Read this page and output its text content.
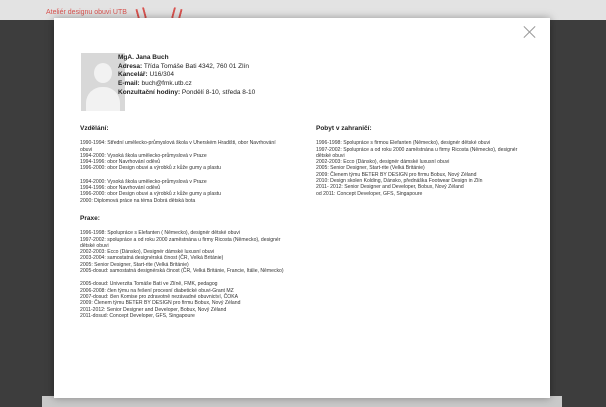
Ateliér designu obuvi UTB
MgA. Jana Buch
Adresa: Třída Tomáše Bati 4342, 760 01 Zlín
Kancelář: U16/304
E-mail: buch@fmk.utb.cz
Konzultační hodiny: Pondělí 8-10, středa 8-10
Vzdělání:

1990-1994: Střední umělecko-průmyslová škola v Uherském Hradišti, obor Navrhování obuvi

1994-2000: Vysoká škola umělecko-průmyslová v Praze

1994-1996: obor Navrhování oděvů

1996-2000: obor Design obuvi a výrobků z kůže gumy a plastu

1994-2000: Vysoká škola umělecko-průmyslová v Praze

1994-1996: obor Navrhování oděvů

1996-2000: obor Design obuvi a výrobků z kůže gumy a plastu

2000: Diplomová práce na téma Dobrá dětská bota

Praxe:

1996-1998: Spolupráce s Elefanten ( Německo), designér dětské obuvi

1997-2002: spolupráce a od roku 2000 zaměstnána u firmy Ricosta (Německo), designér dětské obuvi

2002-2003: Ecco (Dánsko), Designér dámské luxusní obuvi

2003-2004: samostatná designérská činost (ČR, Velká Británie)

2005: Senior Designer, Start-rite (Velká Británie)

2005-dosud: samostatná designérská činost (ČR, Velká Británie, Francie, Itálie, Německo)

2005-dosud: Univerzita Tomáše Bati ve Zlíně, FMK, pedagog

2006-2008: člen týmu na řešení procesní diabetické obuvi-Grant MZ

2007-dosud: člen Komise pro zdravotně nezávadné obuvnictví, ČOKA

2009: Členem týmu BETER BY DESIGN pro firmu Bobux, Nový Zéland

2011-2012: Senior Designer and Developer, Bobux, Nový Zéland

2011-dosud: Concept Developer, GFS, Singapoure

Pobyt v zahraničí:

1996-1998: Spolupráce s firmou Elefanten (Německo), designér dětské obuvi

1997-2002: Spolupráce a od roku 2000 zaměstnána u firmy Ricosta (Německo), designér dětské obuvi

2002-2003: Ecco (Dánsko), designér dámské luxusní obuvi

2005: Senior Designer, Start-rite (Velká Británie)

2009: Členem týmu BETER BY DESIGN pro firmu Bobux, Nový Zéland

2010: Design skolen Kolding, Dánsko, přednáška Footwear Design in Zlín

2011- 2012: Senior Designer and Developer, Bobux, Nový Zéland

od 2011: Concept Developer, GFS, Singapoure
